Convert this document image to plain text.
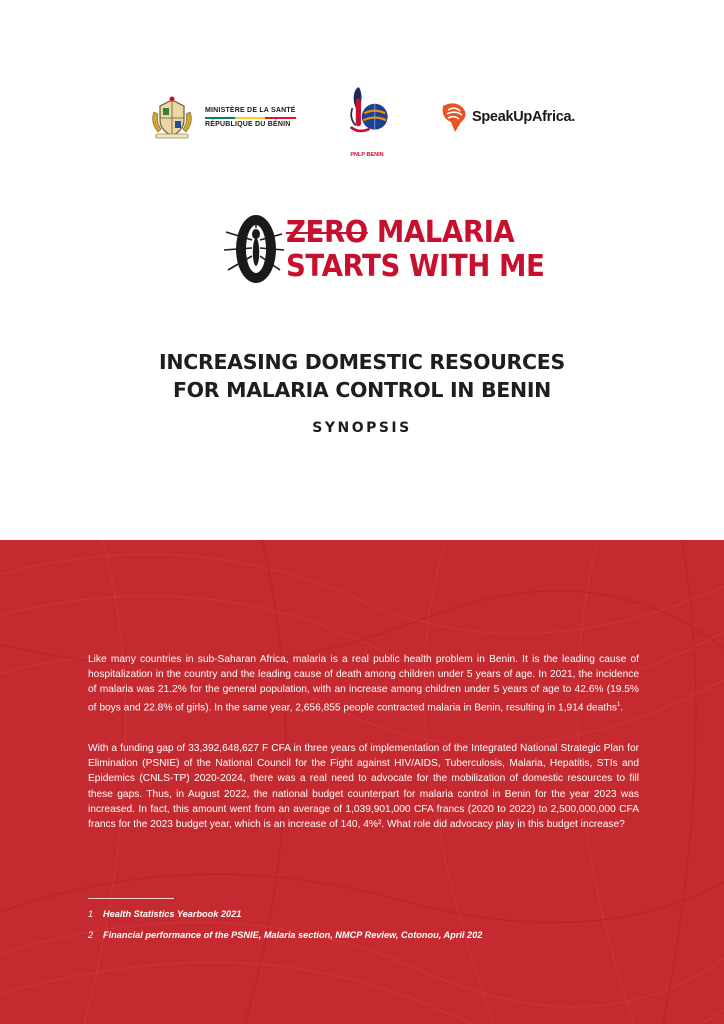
MINISTÈRE DE LA SANTÉ
RÉPUBLIQUE DU BÉNIN
PNLP BENIN
SpeakUpAfrica.
ZERO MALARIA
STARTS WITH ME
INCREASING DOMESTIC RESOURCES
FOR MALARIA CONTROL IN BENIN
SYNOPSIS

Like many countries in sub-Saharan Africa, malaria is a real public health problem in Benin. It is the leading cause of hospitalization in the country and the leading cause of death among children under 5 years of age. In 2021, the incidence of malaria was 21.2% for the general population, with an increase among children under 5 years of age to 42.6% (19.5% of boys and 22.8% of girls). In the same year, 2,656,855 people contracted malaria in Benin, resulting in 1,914 deaths$^1$.

With a funding gap of 33,392,648,627 F CFA in three years of implementation of the Integrated National Strategic Plan for Elimination (PSNIE) of the National Council for the Fight against HIV/AIDS, Tuberculosis, Malaria, Hepatitis, STIs and Epidemics (CNLS-TP) 2020-2024, there was a real need to advocate for the mobilization of domestic resources to fill these gaps. Thus, in August 2022, the national budget counterpart for malaria control in Benin for the year 2023 was increased. In fact, this amount went from an average of 1,039,901,000 CFA francs (2020 to 2022) to 2,500,000,000 CFA francs for the 2023 budget year, which is an increase of 140, 4%². What role did advocacy play in this budget increase?

1	Health Statistics Yearbook 2021
2	Financial performance of the PSNIE, Malaria section, NMCP Review, Cotonou, April 202
